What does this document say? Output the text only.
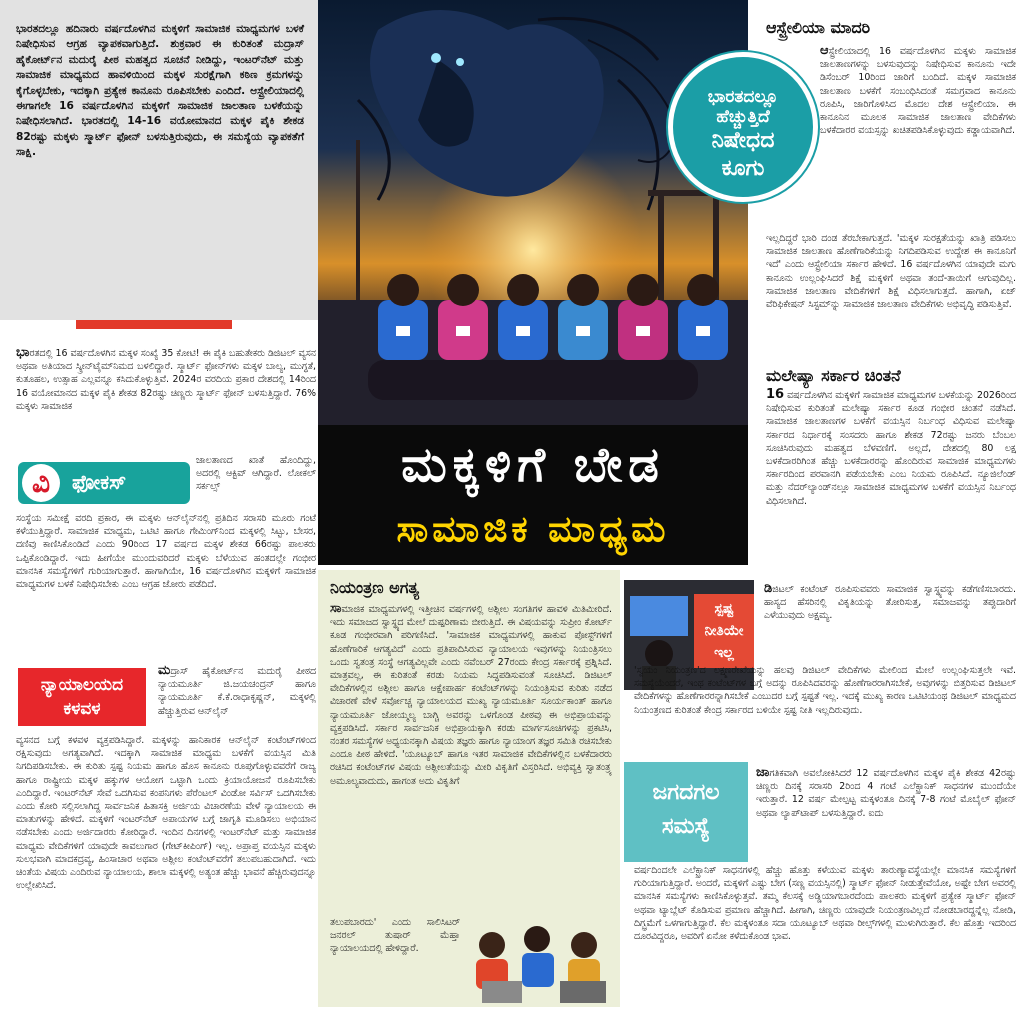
ಭಾರತದಲ್ಲೂ ಹದಿನಾರು ವರ್ಷದೊಳಗಿನ ಮಕ್ಕಳಿಗೆ ಸಾಮಾಜಿಕ ಮಾಧ್ಯಮಗಳ ಬಳಕೆ ನಿಷೇಧಿಸುವ ಆಗ್ರಹ ವ್ಯಾಪಕವಾಗುತ್ತಿದೆ. ಶುಕ್ರವಾರ ಈ ಕುರಿತಂತೆ ಮದ್ರಾಸ್ ಹೈಕೋರ್ಟ್‌ನ ಮದುರೈ ಪೀಠ ಮಹತ್ವದ ಸೂಚನೆ ನೀಡಿದ್ದು, ಇಂಟರ್‌ನೆಟ್ ಮತ್ತು ಸಾಮಾಜಿಕ ಮಾಧ್ಯಮದ ಹಾವಳಿಯಿಂದ ಮಕ್ಕಳ ಸುರಕ್ಷೆಗಾಗಿ ಕಠಿಣ ಕ್ರಮಗಳನ್ನು ಕೈಗೊಳ್ಳಬೇಕು, ಇದಕ್ಕಾಗಿ ಪ್ರತ್ಯೇಕ ಕಾನೂನು ರೂಪಿಸಬೇಕು ಎಂದಿದೆ. ಆಸ್ಟ್ರೇಲಿಯಾದಲ್ಲಿ ಈಗಾಗಲೇ 16 ವರ್ಷದೊಳಗಿನ ಮಕ್ಕಳಿಗೆ ಸಾಮಾಜಿಕ ಜಾಲತಾಣ ಬಳಕೆಯನ್ನು ನಿಷೇಧಿಸಲಾಗಿದೆ. ಭಾರತದಲ್ಲಿ 14-16 ವಯೋಮಾನದ ಮಕ್ಕಳ ಪೈಕಿ ಶೇಕಡ 82ರಷ್ಟು ಮಕ್ಕಳು ಸ್ಮಾರ್ಟ್ ಫೋನ್ ಬಳಸುತ್ತಿರುವುದು, ಈ ಸಮಸ್ಯೆಯ ವ್ಯಾಪಕತೆಗೆ ಸಾಕ್ಷಿ.

ಭಾರತದಲ್ಲಿ 16 ವರ್ಷದೊಳಗಿನ ಮಕ್ಕಳ ಸಂಖ್ಯೆ 35 ಕೋಟಿ! ಈ ಪೈಕಿ ಬಹುತೇಕರು ಡಿಜಿಟಲ್ ವ್ಯಸನ ಅಥವಾ ಅತಿಯಾದ ಸ್ಕ್ರೀನ್‌ಟೈಮ್‌ನಿಮದ ಬಳಲಿದ್ದಾರೆ. ಸ್ಮಾರ್ಟ್ ಫೋನ್‌ಗಳು ಮಕ್ಕಳ ಬಾಲ್ಯ, ಮುಗ್ಧತೆ, ಕುತೂಹಲ, ಉತ್ಸಾಹ ಎಲ್ಲವನ್ನೂ ಕಸಿದುಕೊಳ್ಳುತ್ತಿವೆ. 2024ರ ವರದಿಯ ಪ್ರಕಾರ ದೇಶದಲ್ಲಿ 14ರಿಂದ 16 ವಯೋಮಾನದ ಮಕ್ಕಳ ಪೈಕಿ ಶೇಕಡ 82ರಷ್ಟು ಚಿಣ್ಣರು ಸ್ಮಾರ್ಟ್ ಫೋನ್ ಬಳಸುತ್ತಿದ್ದಾರೆ. 76% ಮಕ್ಕಳು ಸಾಮಾಜಿಕ
ಜಾಲತಾಣದ ಖಾತೆ ಹೊಂದಿದ್ದು, ಅದರಲ್ಲಿ ಆಕ್ಟಿವ್ ಆಗಿದ್ದಾರೆ. ಲೋಕಲ್ ಸರ್ಕಲ್ಸ್
ವಿ	ಫೋಕಸ್
ಸಂಸ್ಥೆಯ ಸಮೀಕ್ಷೆ ವರದಿ ಪ್ರಕಾರ, ಈ ಮಕ್ಕಳು ಆನ್‌ಲೈನ್‌ನಲ್ಲಿ ಪ್ರತಿದಿನ ಸರಾಸರಿ ಮೂರು ಗಂಟೆ ಕಳೆಯುತ್ತಿದ್ದಾರೆ. ಸಾಮಾಜಿಕ ಮಾಧ್ಯಮ, ಒಟಿಟಿ ಹಾಗೂ ಗೇಮಿಂಗ್‌ನಿಂದ ಮಕ್ಕಳಲ್ಲಿ ಸಿಟ್ಟು, ಬೇಸರ, ದಣಿವು ಕಾಣಿಸಿಕೊಂಡಿದೆ ಎಂದು 90ರಿಂದ 17 ವರ್ಷದ ಮಕ್ಕಳ ಶೇಕಡ 66ರಷ್ಟು ಪಾಲಕರು ಒಪ್ಪಿಕೊಂಡಿದ್ದಾರೆ. ಇದು ಹೀಗೆಯೇ ಮುಂದುವರಿದರೆ ಮಕ್ಕಳು ಬೆಳೆಯುವ ಹಂತದಲ್ಲೇ ಗಂಭೀರ ಮಾನಸಿಕ ಸಮಸ್ಯೆಗಳಿಗೆ ಗುರಿಯಾಗುತ್ತಾರೆ. ಹಾಗಾಗಿಯೇ, 16 ವರ್ಷದೊಳಗಿನ ಮಕ್ಕಳಿಗೆ ಸಾಮಾಜಿಕ ಮಾಧ್ಯಮಗಳ ಬಳಕೆ ನಿಷೇಧಿಸಬೇಕು ಎಂಬ ಆಗ್ರಹ ಜೋರು ಪಡೆದಿದೆ.
ನ್ಯಾಯಾಲಯದ
ಕಳವಳ
ಮದ್ರಾಸ್ ಹೈಕೋರ್ಟ್‌ನ ಮದುರೈ ಪೀಠದ ನ್ಯಾಯಮೂರ್ತಿ ಜಿ.ಜಯಚಂದ್ರನ್ ಹಾಗೂ ನ್ಯಾಯಮೂರ್ತಿ ಕೆ.ಕೆ.ರಾಧಾಕೃಷ್ಣನ್, ಮಕ್ಕಳಲ್ಲಿ ಹೆಚ್ಚುತ್ತಿರುವ ಆನ್‌ಲೈನ್
ವ್ಯಸನದ ಬಗ್ಗೆ ಕಳವಳ ವ್ಯಕ್ತಪಡಿಸಿದ್ದಾರೆ. ಮಕ್ಕಳನ್ನು ಹಾನಿಕಾರಕ ಆನ್‌ಲೈನ್ ಕಂಟೆಂಟ್‌ಗಳಿಂದ ರಕ್ಷಿಸುವುದು ಅಗತ್ಯವಾಗಿದೆ. ಇದಕ್ಕಾಗಿ ಸಾಮಾಜಿಕ ಮಾಧ್ಯಮ ಬಳಕೆಗೆ ವಯಸ್ಸಿನ ಮಿತಿ ನಿಗದಿಪಡಿಸಬೇಕು. ಈ ಕುರಿತು ಸ್ಪಷ್ಟ ನಿಯಮ ಹಾಗೂ ಹೊಸ ಕಾನೂನು ರೂಪುಗೊಳ್ಳುವವರೆಗೆ ರಾಜ್ಯ ಹಾಗೂ ರಾಷ್ಟ್ರೀಯ ಮಕ್ಕಳ ಹಕ್ಕುಗಳ ಆಯೋಗ ಒಟ್ಟಾಗಿ ಒಂದು ಕ್ರಿಯಾಯೋಜನೆ ರೂಪಿಸಬೇಕು ಎಂದಿದ್ದಾರೆ. ಇಂಟರ್‌ನೆಟ್ ಸೇವೆ ಒದಗಿಸುವ ಕಂಪನಿಗಳು ಪೆರೆಂಟಲ್ ವಿಂಡೋ ಸರ್ವಿಸ್ ಒದಗಿಸಬೇಕು ಎಂದು ಕೋರಿ ಸಲ್ಲಿಸಲಾಗಿದ್ದ ಸಾರ್ವಜನಿಕ ಹಿತಾಸಕ್ತಿ ಅರ್ಜಿಯ ವಿಚಾರಣೆಯ ವೇಳೆ ನ್ಯಾಯಾಲಯ ಈ ಮಾತುಗಳನ್ನು ಹೇಳಿದೆ. ಮಕ್ಕಳಿಗೆ ಇಂಟರ್‌ನೆಟ್ ಅಪಾಯಗಳ ಬಗ್ಗೆ ಜಾಗೃತಿ ಮೂಡಿಸಲು ಅಭಿಯಾನ ನಡೆಸಬೇಕು ಎಂದು ಅರ್ಜಿದಾರರು ಕೋರಿದ್ದಾರೆ. ಇಂದಿನ ದಿನಗಳಲ್ಲಿ ಇಂಟರ್‌ನೆಟ್ ಮತ್ತು ಸಾಮಾಜಿಕ ಮಾಧ್ಯಮ ವೇದಿಕೆಗಳಿಗೆ ಯಾವುದೇ ಕಾವಲುಗಾರ (ಗೇಟ್‌ಕೀಪಿಂಗ್) ಇಲ್ಲ. ಅಪ್ರಾಪ್ತ ವಯಸ್ಸಿನ ಮಕ್ಕಳು ಸುಲಭವಾಗಿ ಮಾದಕದ್ರವ್ಯ, ಹಿಂಸಾಚಾರ ಅಥವಾ ಅಶ್ಲೀಲ ಕಂಟೆಂಟ್‌ವರೆಗೆ ತಲುಪಬಹುದಾಗಿದೆ. ಇದು ಚಿಂತೆಯ ವಿಷಯ ಎಂದಿರುವ ನ್ಯಾಯಾಲಯ, ಶಾಲಾ ಮಕ್ಕಳಲ್ಲಿ ಅತ್ಯಂತ ಹೆಚ್ಚು ಭಾವನೆ ಹೆಚ್ಚಿರುವುದನ್ನೂ ಉಲ್ಲೇಖಿಸಿದೆ.
ಭಾರತದಲ್ಲೂ
ಹೆಚ್ಚುತ್ತಿದೆ
ನಿಷೇಧದ
ಕೂಗು
ಮಕ್ಕಳಿಗೆ ಬೇಡ
ಸಾಮಾಜಿಕ ಮಾಧ್ಯಮ
ಆಸ್ಟ್ರೇಲಿಯಾ ಮಾದರಿ
ಆಸ್ಟ್ರೇಲಿಯಾದಲ್ಲಿ 16 ವರ್ಷದೊಳಗಿನ ಮಕ್ಕಳು ಸಾಮಾಜಿಕ ಜಾಲತಾಣಗಳನ್ನು ಬಳಸುವುದನ್ನು ನಿಷೇಧಿಸುವ ಕಾನೂನು ಇದೇ ಡಿಸೆಂಬರ್ 10ರಿಂದ ಜಾರಿಗೆ ಬಂದಿದೆ. ಮಕ್ಕಳ ಸಾಮಾಜಿಕ ಜಾಲತಾಣ ಬಳಕೆಗೆ ಸಂಬಂಧಿಸಿದಂತೆ ಸಮಗ್ರವಾದ ಕಾನೂನು ರೂಪಿಸಿ, ಜಾರಿಗೊಳಿಸಿದ ಮೊದಲ ದೇಶ ಆಸ್ಟ್ರೇಲಿಯಾ. ಈ ಕಾನೂನಿನ ಮೂಲಕ ಸಾಮಾಜಿಕ ಜಾಲತಾಣ ವೇದಿಕೆಗಳು ಬಳಕೆದಾರರ ವಯಸ್ಸನ್ನು ಖಚಿತಪಡಿಸಿಕೊಳ್ಳುವುದು ಕಡ್ಡಾಯವಾಗಿದೆ.
ಇಲ್ಲದಿದ್ದರೆ ಭಾರಿ ದಂಡ ತೆರಬೇಕಾಗುತ್ತದೆ. 'ಮಕ್ಕಳ ಸುರಕ್ಷತೆಯನ್ನು ಖಾತ್ರಿ ಪಡಿಸಲು ಸಾಮಾಜಿಕ ಜಾಲತಾಣ ಹೊಣೆಗಾರಿಕೆಯನ್ನು ನಿಗದಿಪಡಿಸುವ ಉದ್ದೇಶ ಈ ಕಾನೂನಿಗೆ ಇದೆ' ಎಂದು ಆಸ್ಟ್ರೇಲಿಯಾ ಸರ್ಕಾರ ಹೇಳಿದೆ. 16 ವರ್ಷದೊಳಗಿನ ಯಾವುದೇ ಮಗು ಕಾನೂನು ಉಲ್ಲಂಘಿಸಿದರೆ ಶಿಕ್ಷೆ ಮಕ್ಕಳಿಗೆ ಅಥವಾ ತಂದೆ-ತಾಯಿಗೆ ಆಗುವುದಿಲ್ಲ. ಸಾಮಾಜಿಕ ಜಾಲತಾಣ ವೇದಿಕೆಗಳಿಗೆ ಶಿಕ್ಷೆ ವಿಧಿಸಲಾಗುತ್ತದೆ. ಹಾಗಾಗಿ, ಏಜ್ ವೆರಿಫಿಕೇಷನ್ ಸಿಸ್ಟಮ್‌ನ್ನು ಸಾಮಾಜಿಕ ಜಾಲತಾಣ ವೇದಿಕೆಗಳು ಅಭಿವೃದ್ಧಿ ಪಡಿಸುತ್ತಿವೆ.
ಮಲೇಷ್ಯಾ ಸರ್ಕಾರ ಚಿಂತನೆ
16 ವರ್ಷದೊಳಗಿನ ಮಕ್ಕಳಿಗೆ ಸಾಮಾಜಿಕ ಮಾಧ್ಯಮಗಳ ಬಳಕೆಯನ್ನು 2026ರಿಂದ ನಿಷೇಧಿಸುವ ಕುರಿತಂತೆ ಮಲೇಷ್ಯಾ ಸರ್ಕಾರ ಕೂಡ ಗಂಭೀರ ಚಿಂತನೆ ನಡೆಸಿದೆ. ಸಾಮಾಜಿಕ ಜಾಲತಾಣಗಳ ಬಳಕೆಗೆ ವಯಸ್ಸಿನ ನಿರ್ಬಂಧ ವಿಧಿಸುವ ಮಲೇಷ್ಯಾ ಸರ್ಕಾರದ ನಿರ್ಧಾರಕ್ಕೆ ಸಂಸದರು ಹಾಗೂ ಶೇಕಡ 72ರಷ್ಟು ಜನರು ಬೆಂಬಲ ಸೂಚಿಸಿರುವುದು ಮಹತ್ವದ ಬೆಳವಣಿಗೆ. ಅಲ್ಲದೆ, ದೇಶದಲ್ಲಿ 80 ಲಕ್ಷ ಬಳಕೆದಾರರಿಗಿಂತ ಹೆಚ್ಚು ಬಳಕೆದಾರರನ್ನು ಹೊಂದಿರುವ ಸಾಮಾಜಿಕ ಮಾಧ್ಯಮಗಳು ಸರ್ಕಾರದಿಂದ ಪರವಾನಗಿ ಪಡೆಯಬೇಕು ಎಂಬ ನಿಯಮ ರೂಪಿಸಿದೆ. ನ್ಯೂಜಿಲೆಂಡ್ ಮತ್ತು ನೆದರ್‌ಲ್ಯಾಂಡ್‌ನಲ್ಲೂ ಸಾಮಾಜಿಕ ಮಾಧ್ಯಮಗಳ ಬಳಕೆಗೆ ವಯಸ್ಸಿನ ನಿರ್ಬಂಧ ವಿಧಿಸಲಾಗಿದೆ.
ನಿಯಂತ್ರಣ ಅಗತ್ಯ
ಸಾಮಾಜಿಕ ಮಾಧ್ಯಮಗಳಲ್ಲಿ ಇತ್ತೀಚಿನ ವರ್ಷಗಳಲ್ಲಿ ಅಶ್ಲೀಲ ಸಂಗತಿಗಳ ಹಾವಳಿ ಮಿತಿಮೀರಿದೆ. ಇದು ಸಮಾಜದ ಸ್ವಾಸ್ಥ್ಯದ ಮೇಲೆ ದುಷ್ಪರಿಣಾಮ ಬೀರುತ್ತಿದೆ. ಈ ವಿಷಯವನ್ನು ಸುಪ್ರೀಂ ಕೋರ್ಟ್ ಕೂಡ ಗಂಭೀರವಾಗಿ ಪರಿಗಣಿಸಿದೆ. 'ಸಾಮಾಜಿಕ ಮಾಧ್ಯಮಗಳಲ್ಲಿ ಹಾಕುವ ಪೋಸ್ಟ್‌ಗಳಿಗೆ ಹೊಣೆಗಾರಿಕೆ ಆಗತ್ಯವಿದೆ' ಎಂದು ಪ್ರತಿಪಾದಿಸಿರುವ ನ್ಯಾಯಾಲಯ ಇವುಗಳನ್ನು ನಿಯಂತ್ರಿಸಲು ಒಂದು ಸ್ವತಂತ್ರ ಸಂಸ್ಥೆ ಆಗತ್ಯವಿಲ್ಲವೇ ಎಂದು ನವೆಂಬರ್ 27ರಂದು ಕೇಂದ್ರ ಸರ್ಕಾರಕ್ಕೆ ಪ್ರಶ್ನಿಸಿದೆ. ಮಾತ್ರವಲ್ಲ, ಈ ಕುರಿತಂತೆ ಕರಡು ನಿಯಮ ಸಿದ್ಧಪಡಿಸುವಂತೆ ಸೂಚಿಸಿದೆ. ಡಿಜಿಟಲ್ ವೇದಿಕೆಗಳಲ್ಲಿನ ಅಶ್ಲೀಲ ಹಾಗೂ ಆಕ್ಷೇಪಾರ್ಹ ಕಂಟೆಂಟ್‌ಗಳನ್ನು ನಿಯಂತ್ರಿಸುವ ಕುರಿತು ನಡೆದ ವಿಚಾರಣೆ ವೇಳೆ ಸರ್ವೋಚ್ಚ ನ್ಯಾಯಾಲಯದ ಮುಖ್ಯ ನ್ಯಾಯಮೂರ್ತಿ ಸೂರ್ಯಕಾಂತ್ ಹಾಗೂ ನ್ಯಾಯಮೂರ್ತಿ ಜೋಯ್ಮಲ್ಯ ಬಾಗ್ಚಿ ಅವರನ್ನು ಒಳಗೊಂಡ ಪೀಠವು ಈ ಅಭಿಪ್ರಾಯವನ್ನು ವ್ಯಕ್ತಪಡಿಸಿದೆ. ಸರ್ಕಾರ ಸಾರ್ವಜನಿಕ ಅಭಿಪ್ರಾಯಕ್ಕಾಗಿ ಕರಡು ಮಾರ್ಗಸೂಚಿಗಳನ್ನು ಪ್ರಕಟಿಸಿ, ನಂತರ ಸಮಸ್ಯೆಗಳ ಅಧ್ಯಯನಕ್ಕಾಗಿ ವಿಷಯ ತಜ್ಞರು ಹಾಗೂ ನ್ಯಾಯಾಂಗ ತಜ್ಞರ ಸಮಿತಿ ರಚಿಸಬೇಕು ಎಂದೂ ಪೀಠ ಹೇಳಿದೆ. 'ಯೂಟ್ಯೂಬ್ ಹಾಗೂ ಇತರ ಸಾಮಾಜಿಕ ವೇದಿಕೆಗಳಲ್ಲಿನ ಬಳಕೆದಾರರು ರಚಿಸಿದ ಕಂಟೆಂಟ್‌ಗಳ ವಿಷಯ ಅಶ್ಲೀಲತೆಯನ್ನು ಮೀರಿ ವಿಕೃತಿಗೆ ವಿಸ್ತರಿಸಿದೆ. ಅಭಿವ್ಯಕ್ತಿ ಸ್ವಾತಂತ್ರ್ಯ ಅಮೂಲ್ಯವಾದುದು, ಹಾಗಂತ ಅದು ವಿಕೃತಿಗೆ
ತಲುಪಬಾರದು' ಎಂದು ಸಾಲಿಸಿಟರ್ ಜನರಲ್ ತುಷಾರ್ ಮೆಹ್ತಾ ನ್ಯಾಯಾಲಯದಲ್ಲಿ ಹೇಳಿದ್ದಾರೆ.
ಸ್ಪಷ್ಟ
ನೀತಿಯೇ
ಇಲ್ಲ
ಡಿಜಿಟಲ್ ಕಂಟೆಂಟ್ ರೂಪಿಸುವವರು ಸಾಮಾಜಿಕ ಸ್ವಾಸ್ಥ್ಯವನ್ನು ಕಡೆಗಣಿಸಬಾರದು. ಹಾಸ್ಯದ ಹೆಸರಿನಲ್ಲಿ ವಿಕೃತಿಯನ್ನು ತೋರಿಸುತ್ತ, ಸಮಾಜವನ್ನು ತಪ್ಪುದಾರಿಗೆ ಎಳೆಯುವುದು ಅಕ್ಷಮ್ಯ.
'ಸ್ವಯಂ ನಿಯಂತ್ರಣ'ದ ಲಕ್ಷ್ಮಣರೇಖೆಯನ್ನು ಹಲವು ಡಿಜಿಟಲ್ ವೇದಿಕೆಗಳು ಮೇಲಿಂದ ಮೇಲೆ ಉಲ್ಲಂಘಿಸುತ್ತಲೇ ಇವೆ. ಸಮಸ್ಯೆಯೆಂದರೆ, ಇಂಥ ಕಂಟೆಂಟ್‌ಗಳ ಬಗ್ಗೆ ಅದನ್ನು ರೂಪಿಸಿದವರನ್ನು ಹೊಣೆಗಾರರಾಗಿಸಬೇಕೆ, ಅವುಗಳನ್ನು ಬಿತ್ತರಿಸುವ ಡಿಜಿಟಲ್ ವೇದಿಕೆಗಳನ್ನು ಹೊಣೆಗಾರರನ್ನಾಗಿಸಬೇಕೆ ಎಂಬುದರ ಬಗ್ಗೆ ಸ್ಪಷ್ಟತೆ ಇಲ್ಲ. ಇದಕ್ಕೆ ಮುಖ್ಯ ಕಾರಣ ಒಟಿಟಿಯಂಥ ಡಿಜಿಟಲ್ ಮಾಧ್ಯಮದ ನಿಯಂತ್ರಣದ ಕುರಿತಂತೆ ಕೇಂದ್ರ ಸರ್ಕಾರದ ಬಳಿಯೇ ಸ್ಪಷ್ಟ ನೀತಿ ಇಲ್ಲದಿರುವುದು.
ಜಗದಗಲ
ಸಮಸ್ಯೆ
ಜಾಗತಿಕವಾಗಿ ಅವಲೋಕಿಸಿದರೆ 12 ವರ್ಷದೊಳಗಿನ ಮಕ್ಕಳ ಪೈಕಿ ಶೇಕಡ 42ರಷ್ಟು ಚಿಣ್ಣರು ದಿನಕ್ಕೆ ಸರಾಸರಿ 2ರಿಂದ 4 ಗಂಟೆ ಎಲೆಕ್ಟ್ರಾನಿಕ್ ಸಾಧನಗಳ ಮುಂದೆಯೇ ಇರುತ್ತಾರೆ. 12 ವರ್ಷ ಮೇಲ್ಪಟ್ಟ ಮಕ್ಕಳಂತೂ ದಿನಕ್ಕೆ 7-8 ಗಂಟೆ ಮೊಬೈಲ್ ಫೋನ್ ಅಥವಾ ಲ್ಯಾಪ್‌ಟಾಪ್ ಬಳಸುತ್ತಿದ್ದಾರೆ. ಐದು
ವರ್ಷದಿಂದಲೇ ಎಲೆಕ್ಟ್ರಾನಿಕ್ ಸಾಧನಗಳಲ್ಲಿ ಹೆಚ್ಚು ಹೊತ್ತು ಕಳೆಯುವ ಮಕ್ಕಳು ತಾರುಣ್ಯಾವಸ್ಥೆಯಲ್ಲೇ ಮಾನಸಿಕ ಸಮಸ್ಯೆಗಳಿಗೆ ಗುರಿಯಾಗುತ್ತಿದ್ದಾರೆ. ಅಂದರೆ, ಮಕ್ಕಳಿಗೆ ಎಷ್ಟು ಬೇಗ (ಸಣ್ಣ ವಯಸ್ಸಿನಲ್ಲಿ) ಸ್ಮಾರ್ಟ್ ಫೋನ್ ನೀಡುತ್ತೇವೆಯೋ, ಅಷ್ಟೇ ಬೇಗ ಅವರಲ್ಲಿ ಮಾನಸಿಕ ಸಮಸ್ಯೆಗಳು ಕಾಣಿಸಿಕೊಳ್ಳುತ್ತವೆ. ತಮ್ಮ ಕೆಲಸಕ್ಕೆ ಅಡ್ಡಿಯಾಗಬಾರದೆಂದು ಪಾಲಕರು ಮಕ್ಕಳಿಗೆ ಪ್ರತ್ಯೇಕ ಸ್ಮಾರ್ಟ್ ಫೋನ್ ಅಥವಾ ಟ್ಯಾಬ್ಲೆಟ್ ಕೊಡಿಸುವ ಪ್ರಮಾಣ ಹೆಚ್ಚಾಗಿದೆ. ಹೀಗಾಗಿ, ಚಿಣ್ಣರು ಯಾವುದೇ ನಿಯಂತ್ರಣವಿಲ್ಲದೆ ನೋಡಬಾರದ್ದನ್ನೆಲ್ಲ ನೋಡಿ, ದಿಗ್ಭ್ರಮೆಗೆ ಒಳಗಾಗುತ್ತಿದ್ದಾರೆ. ಕೆಲ ಮಕ್ಕಳಂತೂ ಸದಾ ಯೂಟ್ಯೂಬ್ ಅಥವಾ ರೀಲ್ಸ್‌ಗಳಲ್ಲಿ ಮುಳುಗಿರುತ್ತಾರೆ. ಕೆಲ ಹೊತ್ತು ಇದರಿಂದ ದೂರವಿದ್ದರೂ, ಅವರಿಗೆ ಏನೋ ಕಳೆದುಕೊಂಡ ಭಾವ.
